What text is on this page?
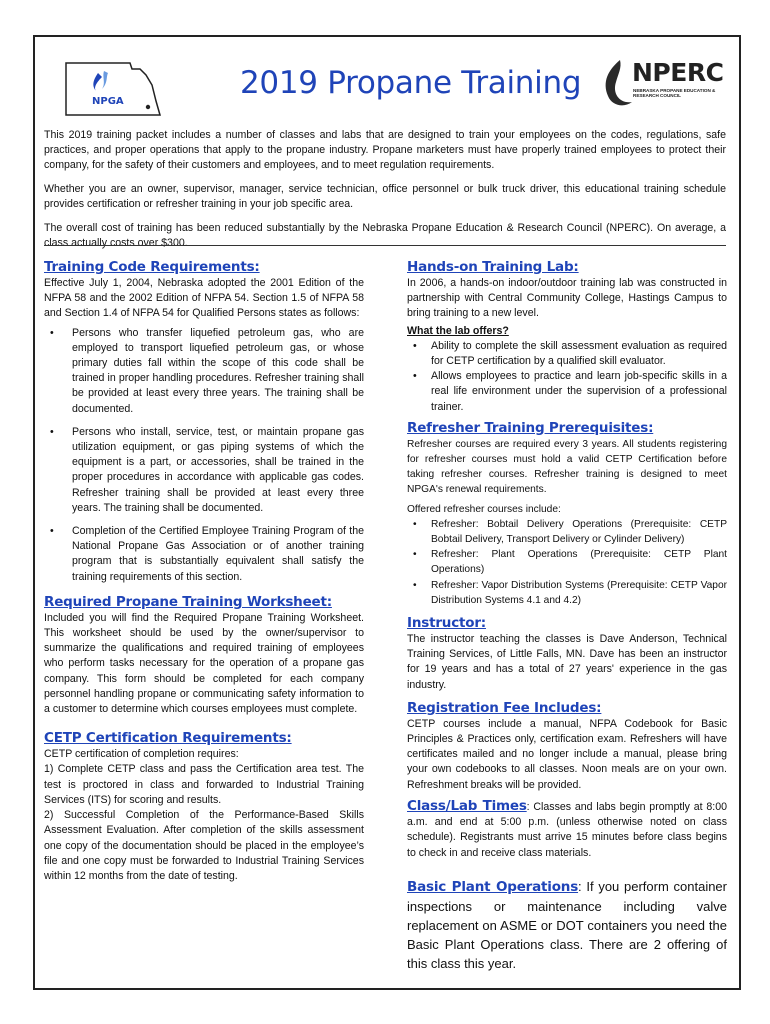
NPGA
2019 Propane Training NPERC
NEBRASKA PROPANE EDUCATION & RESEARCH COUNCIL

This 2019 training packet includes a number of classes and labs that are designed to train your employees on the codes, regulations, safe practices, and proper operations that apply to the propane industry. Propane marketers must have properly trained employees to protect their company, for the safety of their customers and employees, and to meet regulation requirements.

Whether you are an owner, supervisor, manager, service technician, office personnel or bulk truck driver, this educational training schedule provides certification or refresher training in your job specific area.

The overall cost of training has been reduced substantially by the Nebraska Propane Education & Research Council (NPERC). On average, a class actually costs over $300.

Training Code Requirements:

Effective July 1, 2004, Nebraska adopted the 2001 Edition of the NFPA 58 and the 2002 Edition of NFPA 54. Section 1.5 of NFPA 58 and Section 1.4 of NFPA 54 for Qualified Persons states as follows:

• Persons who transfer liquefied petroleum gas, who are employed to transport liquefied petroleum gas, or whose primary duties fall within the scope of this code shall be trained in proper handling procedures. Refresher training shall be provided at least every three years. The training shall be documented.
• Persons who install, service, test, or maintain propane gas utilization equipment, or gas piping systems of which the equipment is a part, or accessories, shall be trained in the proper procedures in accordance with applicable gas codes. Refresher training shall be provided at least every three years. The training shall be documented.
• Completion of the Certified Employee Training Program of the National Propane Gas Association or of another training program that is substantially equivalent shall satisfy the training requirements of this section.
Required Propane Training Worksheet:

Included you will find the Required Propane Training Worksheet. This worksheet should be used by the owner/supervisor to summarize the qualifications and required training of employees who perform tasks necessary for the operation of a propane gas company. This form should be completed for each company personnel handling propane or communicating safety information to a customer to determine which courses employees must complete.

CETP Certification Requirements:

CETP certification of completion requires:

1) Complete CETP class and pass the Certification area test. The test is proctored in class and forwarded to Industrial Training Services (ITS) for scoring and results.

2) Successful Completion of the Performance-Based Skills Assessment Evaluation. After completion of the skills assessment one copy of the documentation should be placed in the employee’s file and one copy must be forwarded to Industrial Training Services within 12 months from the date of testing.

Hands-on Training Lab:

In 2006, a hands-on indoor/outdoor training lab was constructed in partnership with Central Community College, Hastings Campus to bring training to a new level.

What the lab offers?

• Ability to complete the skill assessment evaluation as required for CETP certification by a qualified skill evaluator.
• Allows employees to practice and learn job-specific skills in a real life environment under the supervision of a professional trainer.
Refresher Training Prerequisites:

Refresher courses are required every 3 years. All students registering for refresher courses must hold a valid CETP Certification before taking refresher courses. Refresher training is designed to meet NPGA's renewal requirements.

Offered refresher courses include:

• Refresher: Bobtail Delivery Operations (Prerequisite: CETP Bobtail Delivery, Transport Delivery or Cylinder Delivery)
• Refresher: Plant Operations (Prerequisite: CETP Plant Operations)
• Refresher: Vapor Distribution Systems (Prerequisite: CETP Vapor Distribution Systems 4.1 and 4.2)
Instructor:

The instructor teaching the classes is Dave Anderson, Technical Training Services, of Little Falls, MN. Dave has been an instructor for 19 years and has a total of 27 years' experience in the gas industry.

Registration Fee Includes:

CETP courses include a manual, NFPA Codebook for Basic Principles & Practices only, certification exam. Refreshers will have certificates mailed and no longer include a manual, please bring your own codebooks to all classes. Noon meals are on your own. Refreshment breaks will be provided.

Class/Lab Times: Classes and labs begin promptly at 8:00 a.m. and end at 5:00 p.m. (unless otherwise noted on class schedule). Registrants must arrive 15 minutes before class begins to check in and receive class materials.

Basic Plant Operations: If you perform container inspections or maintenance including valve replacement on ASME or DOT containers you need the Basic Plant Operations class. There are 2 offering of this class this year.
